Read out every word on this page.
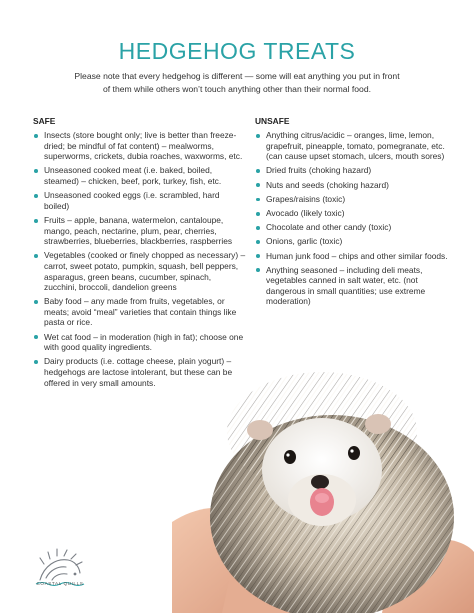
HEDGEHOG TREATS

Please note that every hedgehog is different — some will eat anything you put in front of them while others won’t touch anything other than their normal food.

SAFE
Insects (store bought only; live is better than freeze-dried; be mindful of fat content) – mealworms, superworms, crickets, dubia roaches, waxworms, etc.
Unseasoned cooked meat (i.e. baked, boiled, steamed) – chicken, beef, pork, turkey, fish, etc.
Unseasoned cooked eggs (i.e. scrambled, hard boiled)
Fruits – apple, banana, watermelon, cantaloupe, mango, peach, nectarine, plum, pear, cherries, strawberries, blueberries, blackberries, raspberries
Vegetables (cooked or finely chopped as necessary) – carrot, sweet potato, pumpkin, squash, bell peppers, asparagus, green beans, cucumber, spinach, zucchini, broccoli, dandelion greens
Baby food – any made from fruits, vegetables, or meats; avoid “meal” varieties that contain things like pasta or rice.
Wet cat food – in moderation (high in fat); choose one with good quality ingredients.
Dairy products (i.e. cottage cheese, plain yogurt) – hedgehogs are lactose intolerant, but these can be offered in very small amounts.
UNSAFE
Anything citrus/acidic – oranges, lime, lemon, grapefruit, pineapple, tomato, pomegranate, etc. (can cause upset stomach, ulcers, mouth sores)
Dried fruits (choking hazard)
Nuts and seeds (choking hazard)
Grapes/raisins (toxic)
Avocado (likely toxic)
Chocolate and other candy (toxic)
Onions, garlic (toxic)
Human junk food – chips and other similar foods.
Anything seasoned – including deli meats, vegetables canned in salt water, etc. (not dangerous in small quantities; use extreme moderation)
COASTAL QUILLS
